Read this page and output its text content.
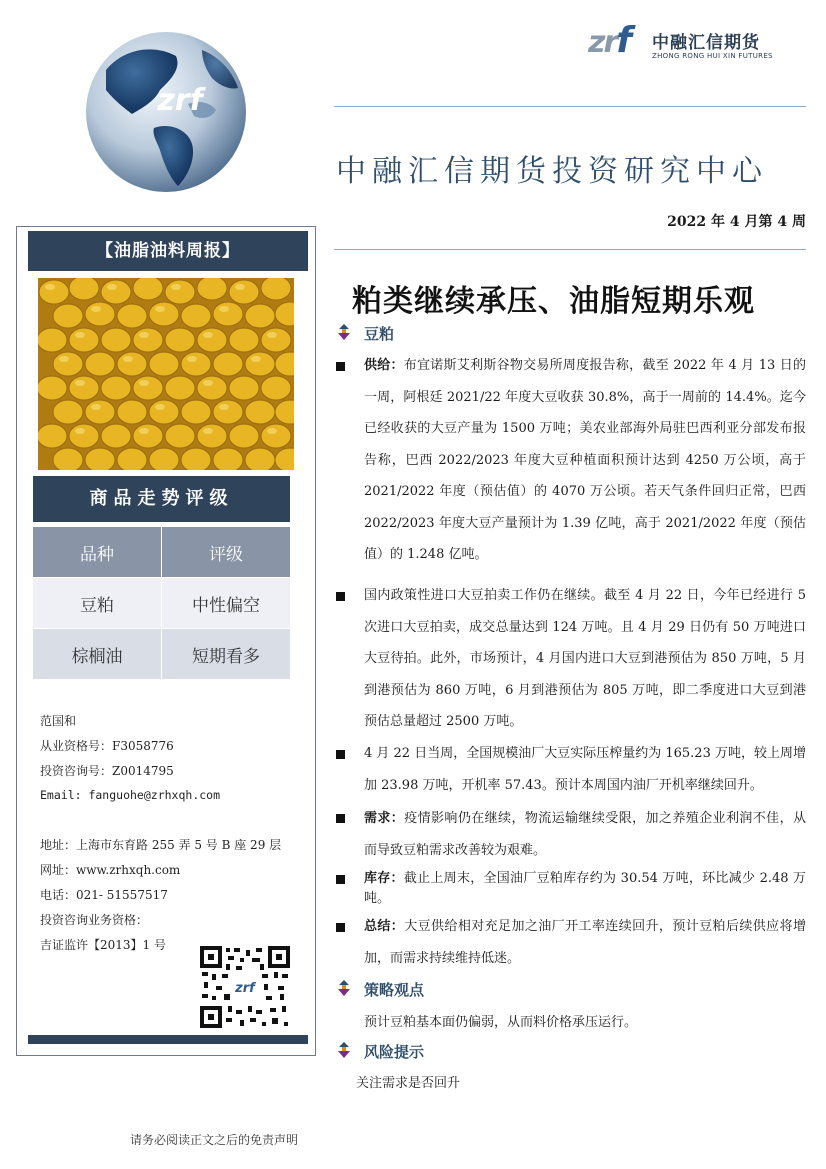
zrf
zrf	中融汇信期货
ZHONG RONG HUI XIN FUTURES
中融汇信期货投资研究中心
2022 年 4 月第 4 周
【油脂油料周报】
商品走势评级
品种	评级
豆粕	中性偏空
棕榈油	短期看多
范国和
从业资格号：F3058776
投资咨询号：Z0014795
Email: fanguohe@zrhxqh.com
地址：上海市东育路 255 弄 5 号 B 座 29 层
网址：www.zrhxqh.com
电话：021- 51557517
投资咨询业务资格：
吉证监许【2013】1 号
zrf
请务必阅读正文之后的免责声明
粕类继续承压、油脂短期乐观
豆粕
供给：布宜诺斯艾利斯谷物交易所周度报告称，截至 2022 年 4 月 13 日的一周，阿根廷 2021/22 年度大豆收获 30.8%，高于一周前的 14.4%。迄今已经收获的大豆产量为 1500 万吨；美农业部海外局驻巴西利亚分部发布报告称，巴西 2022/2023 年度大豆种植面积预计达到 4250 万公顷，高于 2021/2022 年度（预估值）的 4070 万公顷。若天气条件回归正常，巴西 2022/2023 年度大豆产量预计为 1.39 亿吨，高于 2021/2022 年度（预估值）的 1.248 亿吨。
国内政策性进口大豆拍卖工作仍在继续。截至 4 月 22 日，今年已经进行 5 次进口大豆拍卖，成交总量达到 124 万吨。且 4 月 29 日仍有 50 万吨进口大豆待拍。此外，市场预计，4 月国内进口大豆到港预估为 850 万吨，5 月到港预估为 860 万吨，6 月到港预估为 805 万吨，即二季度进口大豆到港预估总量超过 2500 万吨。
4 月 22 日当周，全国规模油厂大豆实际压榨量约为 165.23 万吨，较上周增加 23.98 万吨，开机率 57.43。预计本周国内油厂开机率继续回升。
需求：疫情影响仍在继续，物流运输继续受限，加之养殖企业利润不佳，从而导致豆粕需求改善较为艰难。
库存：截止上周末，全国油厂豆粕库存约为 30.54 万吨，环比减少 2.48 万吨。
总结：大豆供给相对充足加之油厂开工率连续回升，预计豆粕后续供应将增加，而需求持续维持低迷。
策略观点
预计豆粕基本面仍偏弱，从而料价格承压运行。
风险提示
关注需求是否回升
